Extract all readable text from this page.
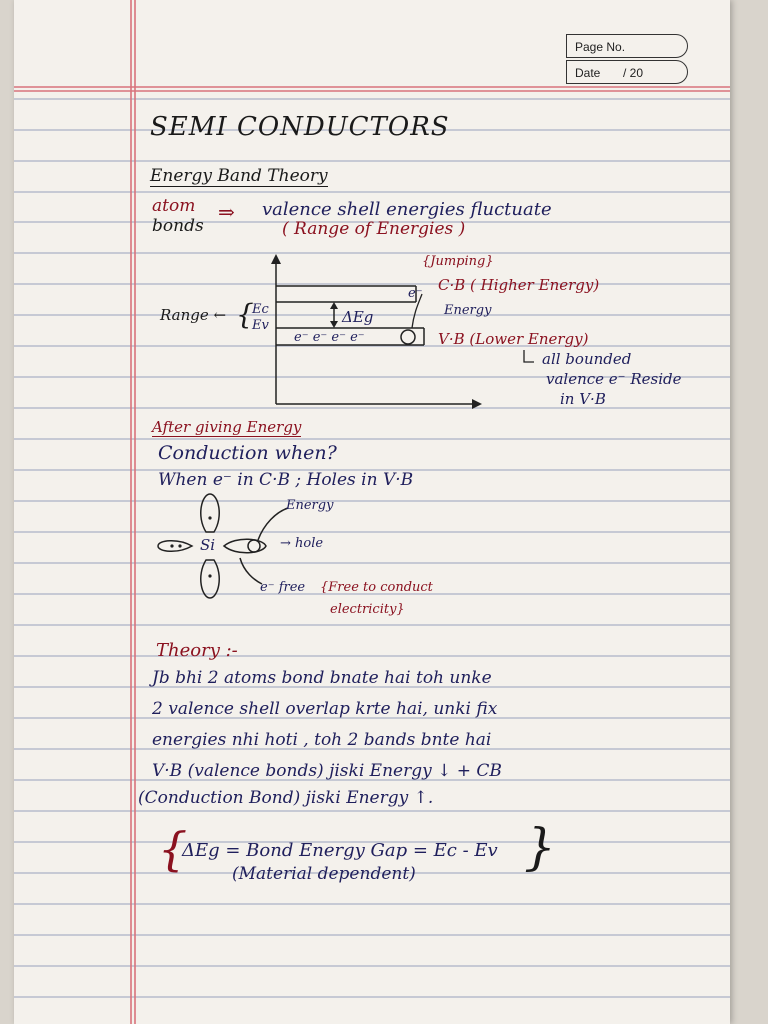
Page No.
Date / 20
SEMI CONDUCTORS
Energy Band Theory
atom
bonds
⇒ valence shell energies fluctuate
( Range of Energies )
{Jumping}
C·B ( Higher Energy)
Energy
V·B (Lower Energy)
Range ← {
Ec
Ev	ΔEg
e⁻ e⁻ e⁻ e⁻
e⁻
all bounded
valence e⁻ Reside
in V·B
After giving Energy
Conduction when?
When e⁻ in C·B ; Holes in V·B
Energy
Si	→ hole
e⁻ free {Free to conduct
electricity}
Theory :-
Jb bhi 2 atoms bond bnate hai toh unke
2 valence shell overlap krte hai, unki fix
energies nhi hoti , toh 2 bands bnte hai
V·B (valence bonds) jiski Energy ↓ + CB
(Conduction Bond) jiski Energy ↑.
{
ΔEg = Bond Energy Gap = Ec - Ev
(Material dependent) }
